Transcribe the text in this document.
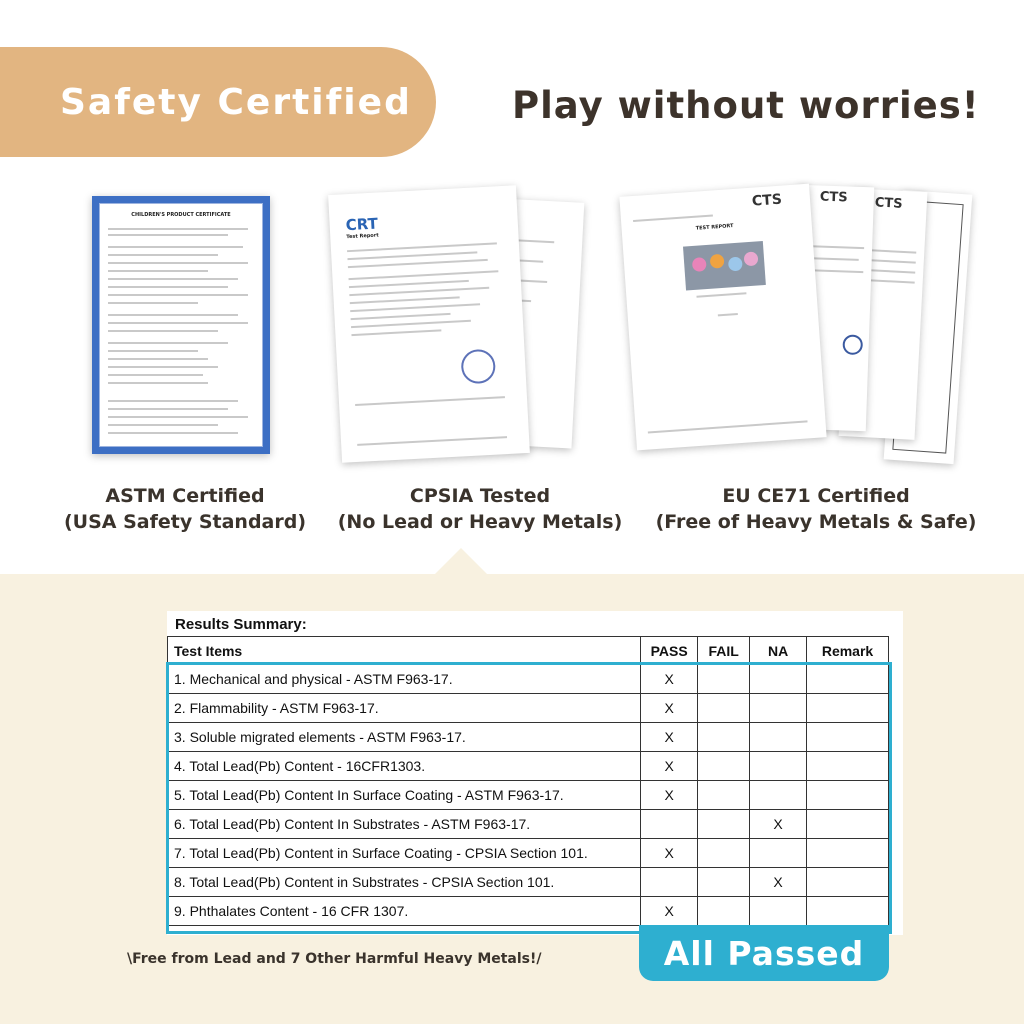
Safety Certified	Play without worries!
CHILDREN'S PRODUCT CERTIFICATE	CRT
Test Report
CTS
CTS
CTS
TEST REPORT
ASTM Certified
(USA Safety Standard)
CPSIA Tested
(No Lead or Heavy Metals)
EU CE71 Certified
(Free of Heavy Metals & Safe)
Results Summary:
Test Items	PASS	FAIL	NA	Remark
1. Mechanical and physical - ASTM F963-17.	X			
2. Flammability - ASTM F963-17.	X			
3. Soluble migrated elements - ASTM F963-17.	X			
4. Total Lead(Pb) Content - 16CFR1303.	X			
5. Total Lead(Pb) Content In Surface Coating - ASTM F963-17.	X			
6. Total Lead(Pb) Content In Substrates - ASTM F963-17.			X	
7. Total Lead(Pb) Content in Surface Coating - CPSIA Section 101.	X			
8. Total Lead(Pb) Content in Substrates - CPSIA Section 101.			X	
9. Phthalates Content - 16 CFR 1307.	X			
All Passed
\Free from Lead and 7 Other Harmful Heavy Metals!/
